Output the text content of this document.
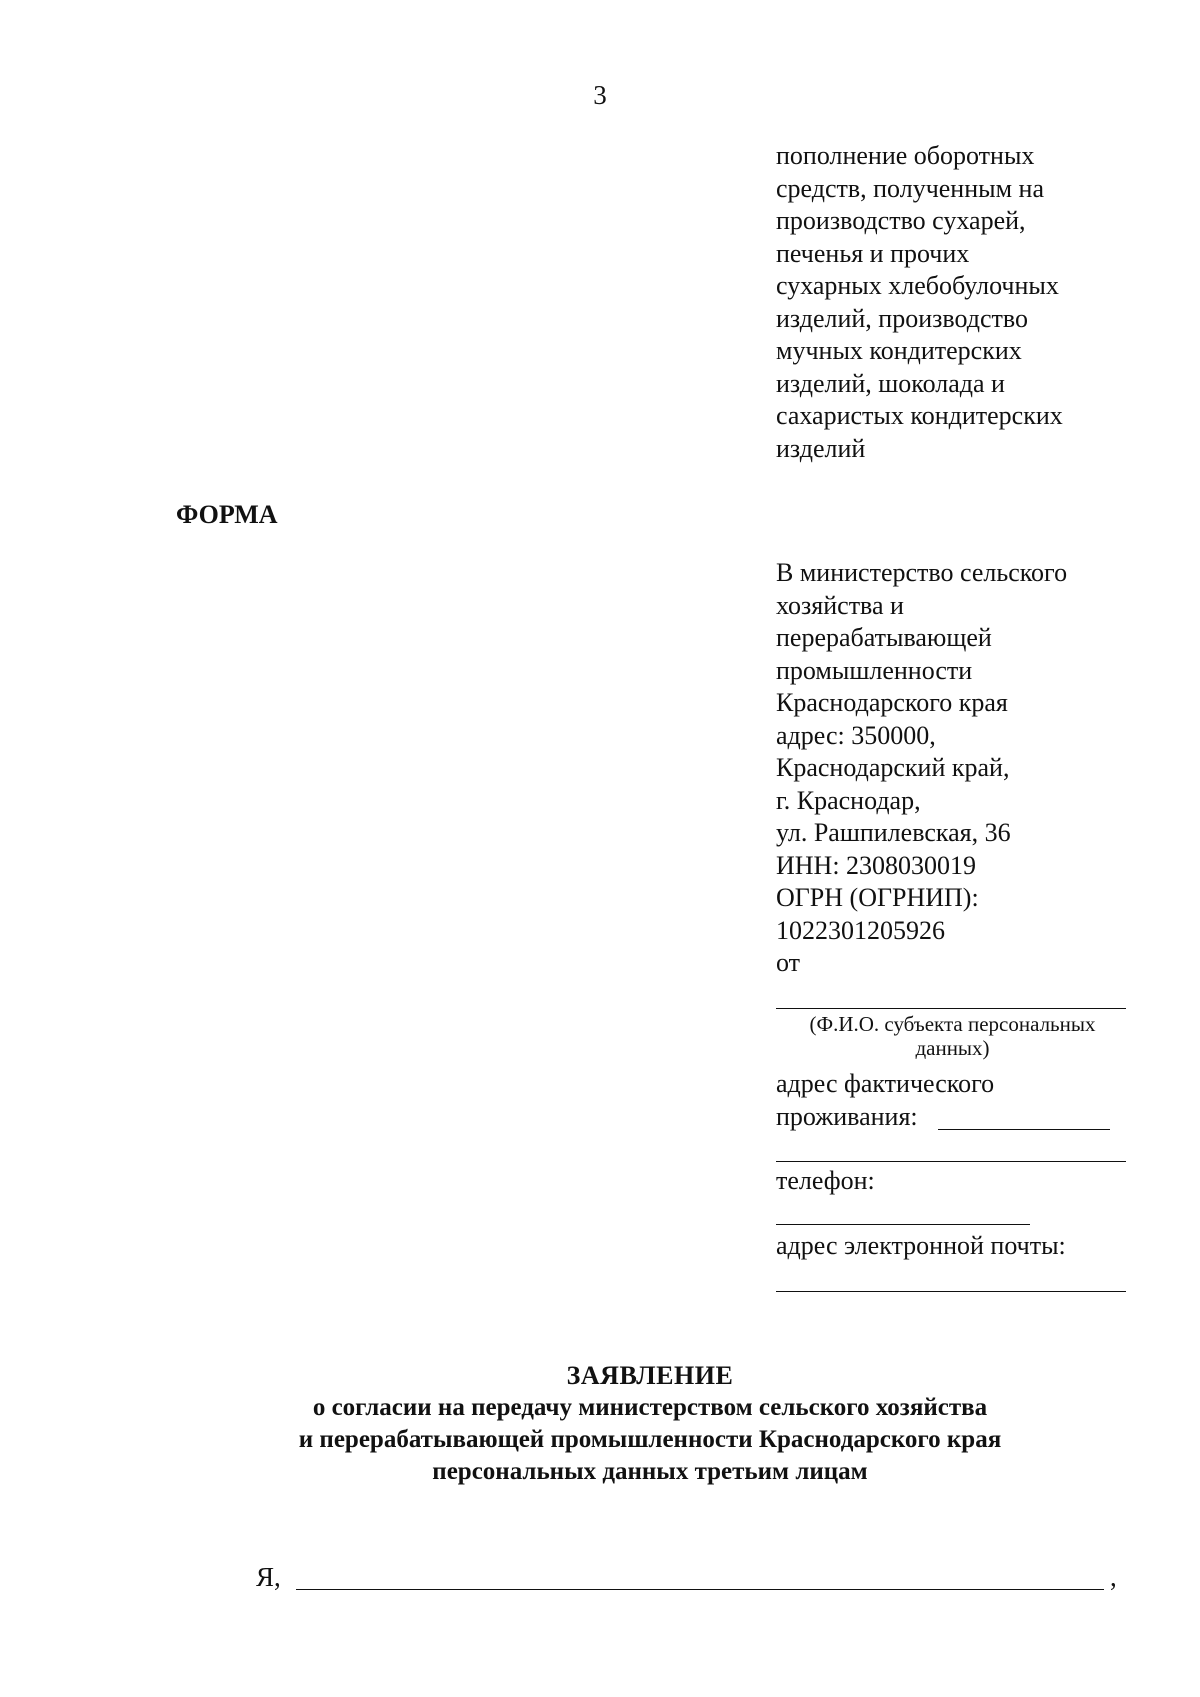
3
пополнение оборотных
средств, полученным на
производство сухарей,
печенья и прочих
сухарных хлебобулочных
изделий, производство
мучных кондитерских
изделий, шоколада и
сахаристых кондитерских
изделий
ФОРМА
В министерство сельского
хозяйства и
перерабатывающей
промышленности
Краснодарского края
адрес: 350000,
Краснодарский край,
г. Краснодар,
ул. Рашпилевская, 36
ИНН: 2308030019
ОГРН (ОГРНИП):
1022301205926
от
(Ф.И.О. субъекта персональных данных)
адрес фактического
проживания:
телефон:
адрес электронной почты:
ЗАЯВЛЕНИЕ
о согласии на передачу министерством сельского хозяйства
и перерабатывающей промышленности Краснодарского края
персональных данных третьим лицам
Я,	,
